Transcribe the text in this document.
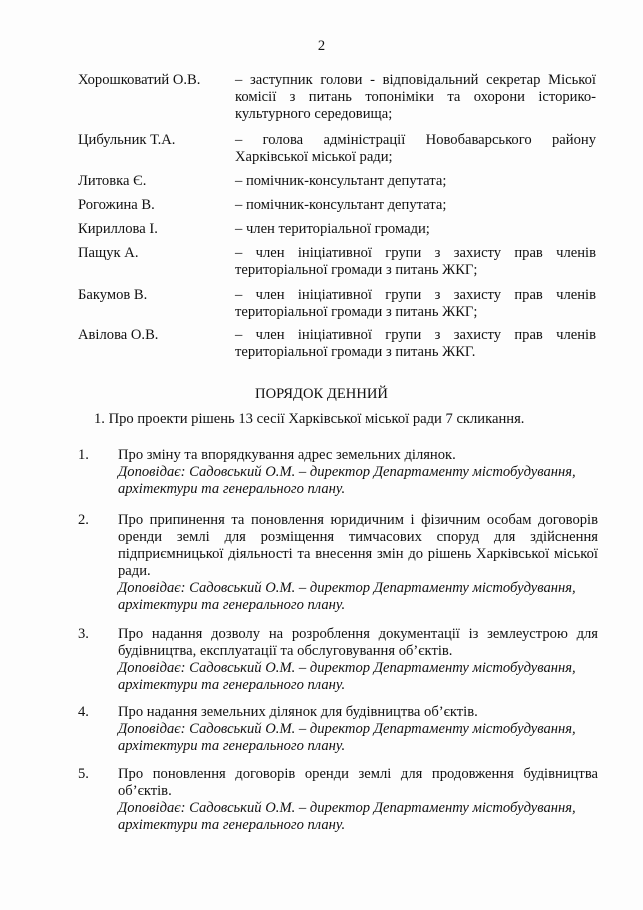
2
Хорошковатий О.В.	– заступник голови - відповідальний секретар Міської комісії з питань топоніміки та охорони історико-культурного середовища;
Цибульник Т.А.	– голова адміністрації Новобаварського району Харківської міської ради;
Литовка Є.	– помічник-консультант депутата;
Рогожина В.	– помічник-консультант депутата;
Кириллова І.	– член територіальної громади;
Пащук А.	– член ініціативної групи з захисту прав членів територіальної громади з питань ЖКГ;
Бакумов В.	– член ініціативної групи з захисту прав членів територіальної громади з питань ЖКГ;
Авілова О.В.	– член ініціативної групи з захисту прав членів територіальної громади з питань ЖКГ.
ПОРЯДОК ДЕННИЙ
1. Про проекти рішень 13 сесії Харківської міської ради 7 скликання.
1. Про зміну та впорядкування адрес земельних ділянок.
Доповідає: Садовський О.М. – директор Департаменту містобудування, архітектури та генерального плану.
2. Про припинення та поновлення юридичним і фізичним особам договорів оренди землі для розміщення тимчасових споруд для здійснення підприємницької діяльності та внесення змін до рішень Харківської міської ради.
Доповідає: Садовський О.М. – директор Департаменту містобудування, архітектури та генерального плану.
3. Про надання дозволу на розроблення документації із землеустрою для будівництва, експлуатації та обслуговування об’єктів.
Доповідає: Садовський О.М. – директор Департаменту містобудування, архітектури та генерального плану.
4. Про надання земельних ділянок для будівництва об’єктів.
Доповідає: Садовський О.М. – директор Департаменту містобудування, архітектури та генерального плану.
5. Про поновлення договорів оренди землі для продовження будівництва об’єктів.
Доповідає: Садовський О.М. – директор Департаменту містобудування, архітектури та генерального плану.
